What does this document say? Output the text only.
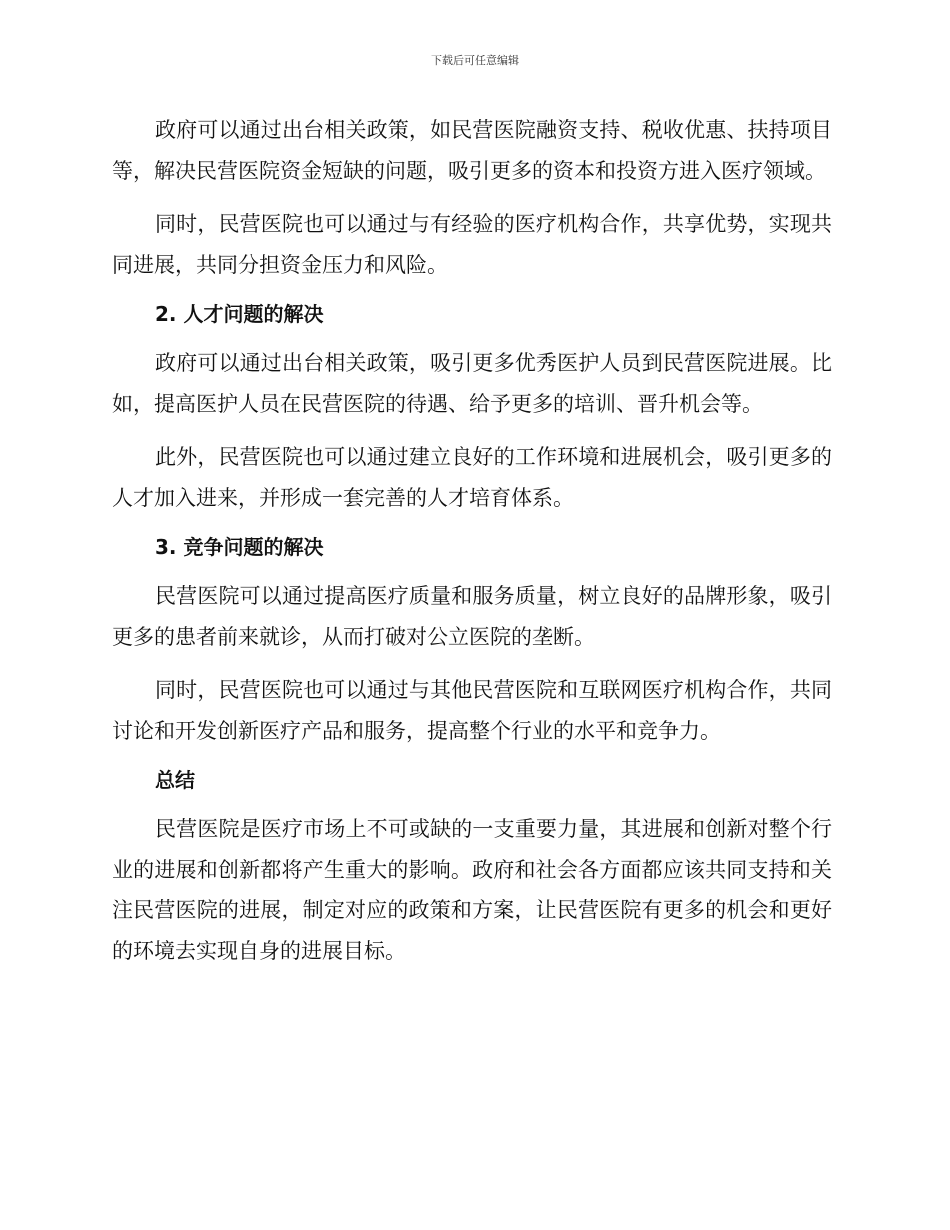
下载后可任意编辑

政府可以通过出台相关政策，如民营医院融资支持、税收优惠、扶持项目等，解决民营医院资金短缺的问题，吸引更多的资本和投资方进入医疗领域。

同时，民营医院也可以通过与有经验的医疗机构合作，共享优势，实现共同进展，共同分担资金压力和风险。

2. 人才问题的解决

政府可以通过出台相关政策，吸引更多优秀医护人员到民营医院进展。比如，提高医护人员在民营医院的待遇、给予更多的培训、晋升机会等。

此外，民营医院也可以通过建立良好的工作环境和进展机会，吸引更多的人才加入进来，并形成一套完善的人才培育体系。

3. 竞争问题的解决

民营医院可以通过提高医疗质量和服务质量，树立良好的品牌形象，吸引更多的患者前来就诊，从而打破对公立医院的垄断。

同时，民营医院也可以通过与其他民营医院和互联网医疗机构合作，共同讨论和开发创新医疗产品和服务，提高整个行业的水平和竞争力。

总结

民营医院是医疗市场上不可或缺的一支重要力量，其进展和创新对整个行业的进展和创新都将产生重大的影响。政府和社会各方面都应该共同支持和关注民营医院的进展，制定对应的政策和方案，让民营医院有更多的机会和更好的环境去实现自身的进展目标。
